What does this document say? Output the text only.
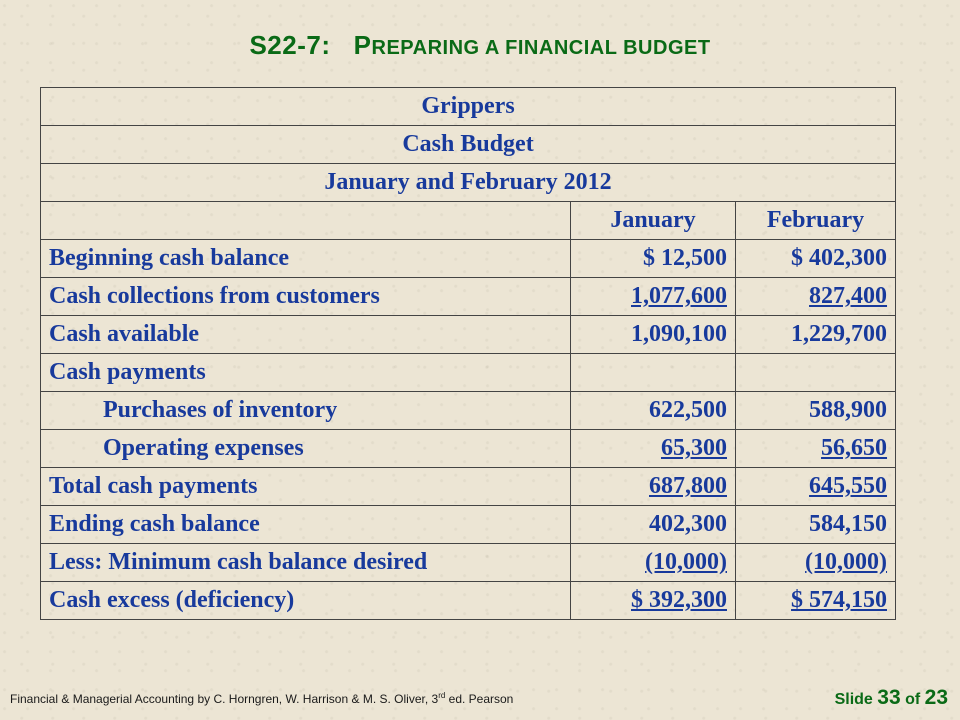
S22-7: PREPARING A FINANCIAL BUDGET
Grippers		
Cash Budget		
January and February 2012		
	January	February
Beginning cash balance	$ 12,500	$ 402,300
Cash collections from customers	1,077,600	827,400
Cash available	1,090,100	1,229,700
Cash payments		
Purchases of inventory	622,500	588,900
Operating expenses	65,300	56,650
Total cash payments	687,800	645,550
Ending cash balance	402,300	584,150
Less: Minimum cash balance desired	(10,000)	(10,000)
Cash excess (deficiency)	$ 392,300	$ 574,150
Financial & Managerial Accounting by C. Horngren, W. Harrison & M. S. Oliver, 3rd ed. Pearson	Slide 33 of 23
